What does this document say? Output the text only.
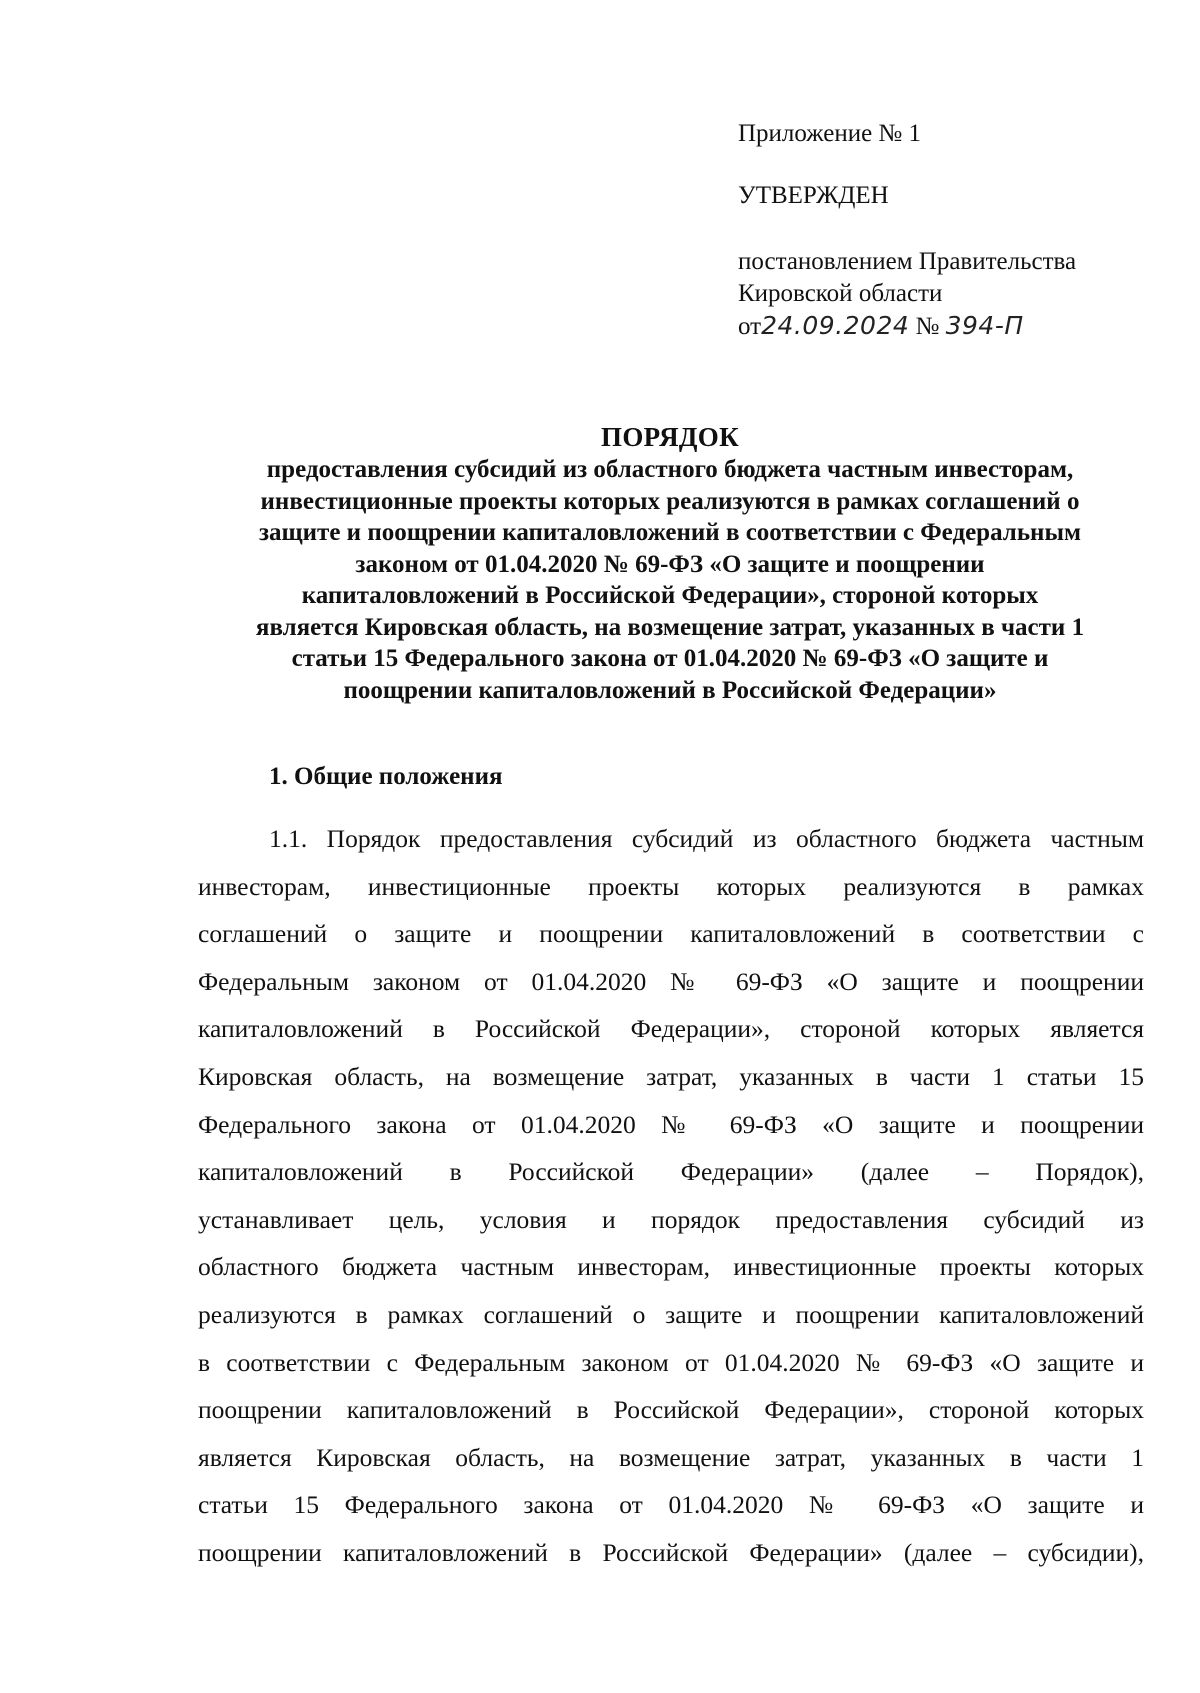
Приложение № 1
УТВЕРЖДЕН
постановлением Правительства
Кировской области
от24.09.2024 № 394-П
ПОРЯДОК
предоставления субсидий из областного бюджета частным инвесторам,
инвестиционные проекты которых реализуются в рамках соглашений о
защите и поощрении капиталовложений в соответствии с Федеральным
законом от 01.04.2020 № 69-ФЗ «О защите и поощрении
капиталовложений в Российской Федерации», стороной которых
является Кировская область, на возмещение затрат, указанных в части 1
статьи 15 Федерального закона от 01.04.2020 № 69-ФЗ «О защите и
поощрении капиталовложений в Российской Федерации»
1. Общие положения
1.1. Порядок предоставления субсидий из областного бюджета частным
инвесторам, инвестиционные проекты которых реализуются в рамках
соглашений о защите и поощрении капиталовложений в соответствии с
Федеральным законом от 01.04.2020 № 69-ФЗ «О защите и поощрении
капиталовложений в Российской Федерации», стороной которых является
Кировская область, на возмещение затрат, указанных в части 1 статьи 15
Федерального закона от 01.04.2020 № 69-ФЗ «О защите и поощрении
капиталовложений в Российской Федерации» (далее – Порядок),
устанавливает цель, условия и порядок предоставления субсидий из
областного бюджета частным инвесторам, инвестиционные проекты которых
реализуются в рамках соглашений о защите и поощрении капиталовложений
в соответствии с Федеральным законом от 01.04.2020 № 69-ФЗ «О защите и
поощрении капиталовложений в Российской Федерации», стороной которых
является Кировская область, на возмещение затрат, указанных в части 1
статьи 15 Федерального закона от 01.04.2020 № 69-ФЗ «О защите и
поощрении капиталовложений в Российской Федерации» (далее – субсидии),
